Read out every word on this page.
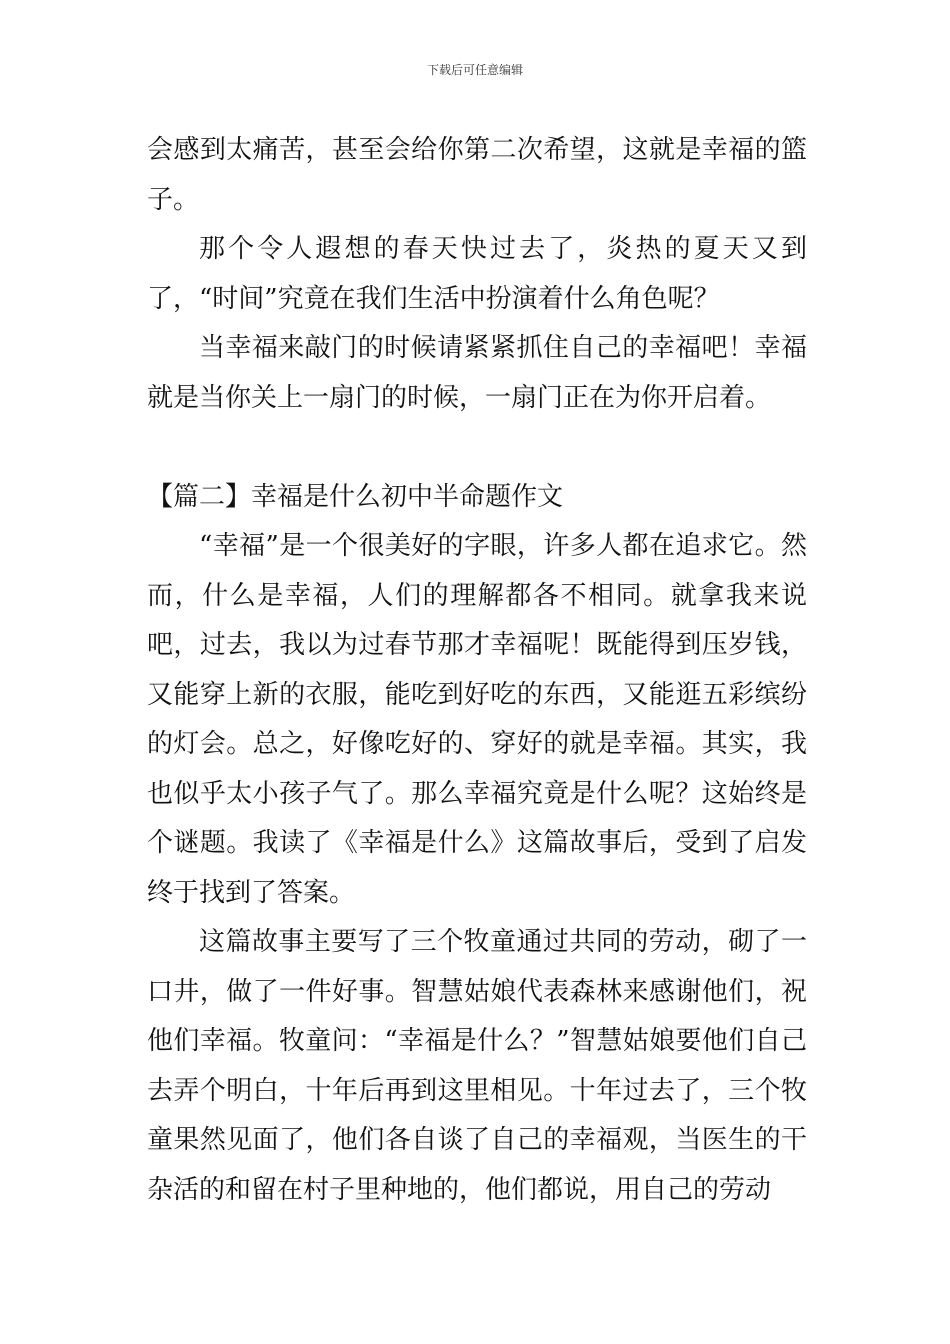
下载后可任意编辑

会感到太痛苦，甚至会给你第二次希望，这就是幸福的篮子。

那个令人遐想的春天快过去了，炎热的夏天又到了，“时间”究竟在我们生活中扮演着什么角色呢？

当幸福来敲门的时候请紧紧抓住自己的幸福吧！幸福就是当你关上一扇门的时候，一扇门正在为你开启着。

【篇二】幸福是什么初中半命题作文

“幸福”是一个很美好的字眼，许多人都在追求它。然而，什么是幸福，人们的理解都各不相同。就拿我来说吧，过去，我以为过春节那才幸福呢！既能得到压岁钱，又能穿上新的衣服，能吃到好吃的东西，又能逛五彩缤纷的灯会。总之，好像吃好的、穿好的就是幸福。其实，我也似乎太小孩子气了。那么幸福究竟是什么呢？这始终是个谜题。我读了《幸福是什么》这篇故事后，受到了启发终于找到了答案。

这篇故事主要写了三个牧童通过共同的劳动，砌了一口井，做了一件好事。智慧姑娘代表森林来感谢他们，祝他们幸福。牧童问：“幸福是什么？”智慧姑娘要他们自己去弄个明白，十年后再到这里相见。十年过去了，三个牧童果然见面了，他们各自谈了自己的幸福观，当医生的干杂活的和留在村子里种地的，他们都说，用自己的劳动
